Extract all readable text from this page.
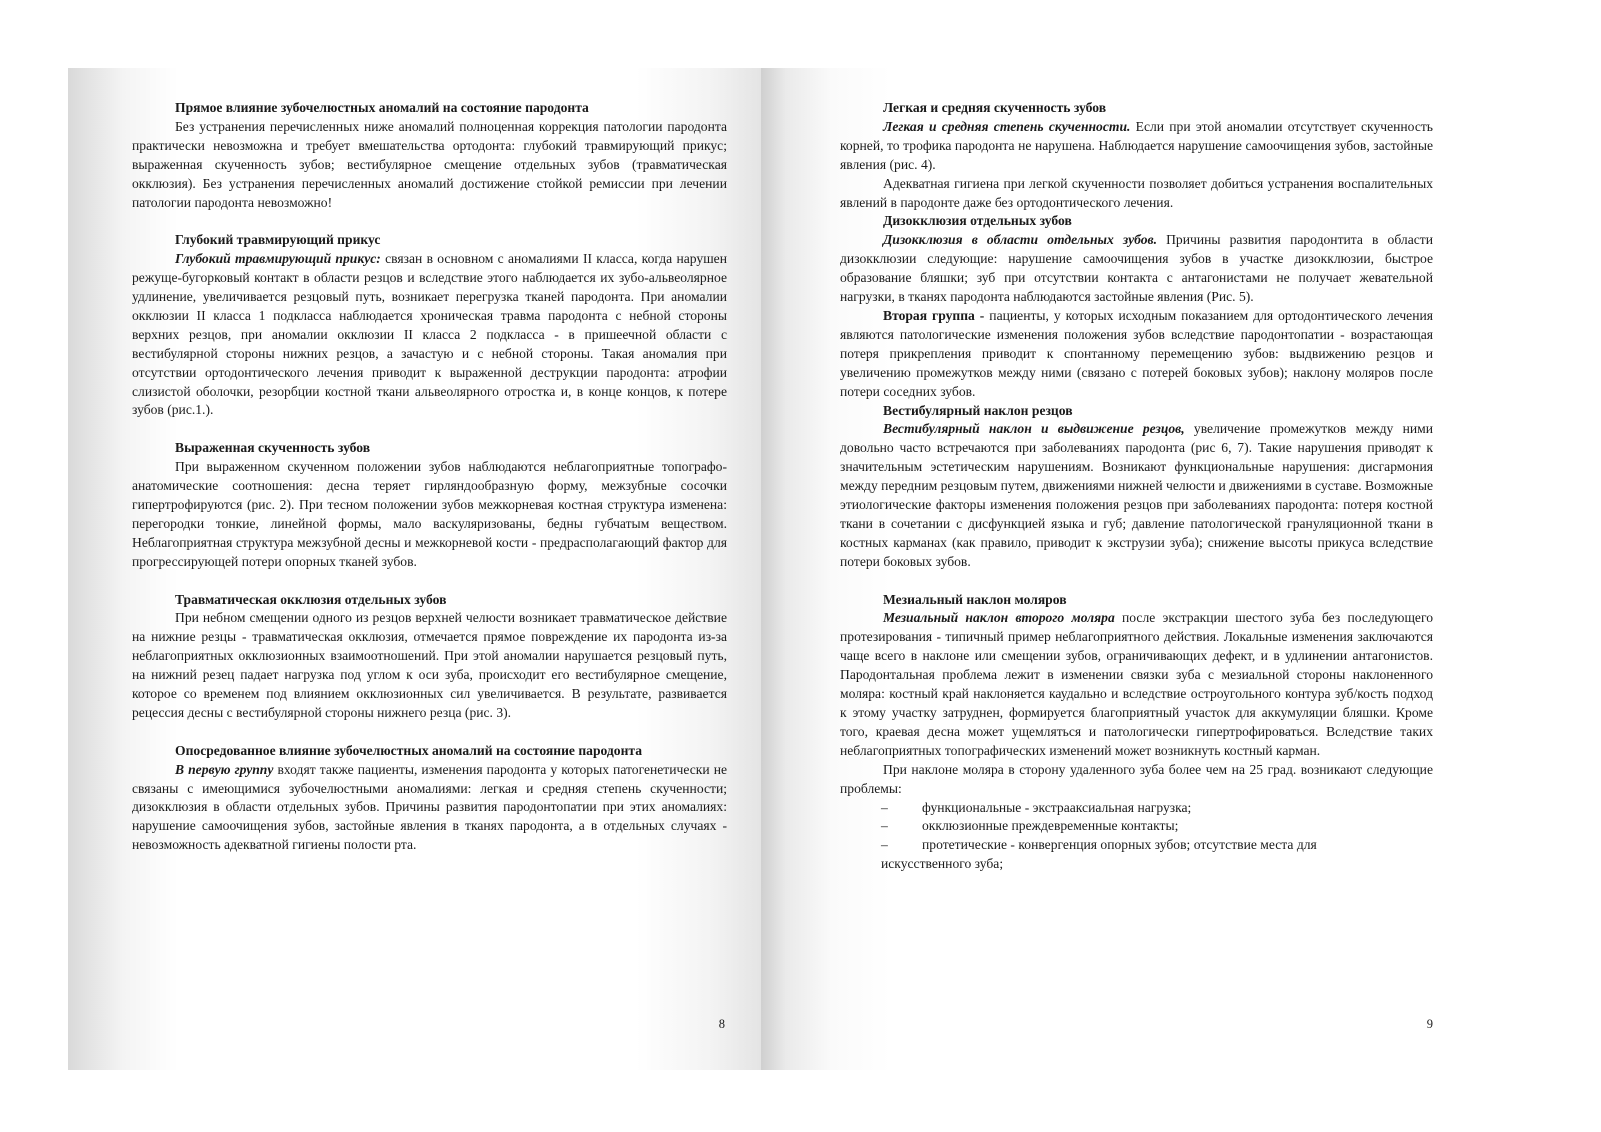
Прямое влияние зубочелюстных аномалий на состояние пародонта

Без устранения перечисленных ниже аномалий полноценная коррекция патологии пародонта практически невозможна и требует вмешательства ортодонта: глубокий травмирующий прикус; выраженная скученность зубов; вестибулярное смещение отдельных зубов (травматическая окклюзия). Без устранения перечисленных аномалий достижение стойкой ремиссии при лечении патологии пародонта невозможно!

Глубокий травмирующий прикус

Глубокий травмирующий прикус: связан в основном с аномалиями II класса, когда нарушен режуще-бугорковый контакт в области резцов и вследствие этого наблюдается их зубо-альвеолярное удлинение, увеличивается резцовый путь, возникает перегрузка тканей пародонта. При аномалии окклюзии II класса 1 подкласса наблюдается хроническая травма пародонта с небной стороны верхних резцов, при аномалии окклюзии II класса 2 подкласса - в пришеечной области с вестибулярной стороны нижних резцов, а зачастую и с небной стороны. Такая аномалия при отсутствии ортодонтического лечения приводит к выраженной деструкции пародонта: атрофии слизистой оболочки, резорбции костной ткани альвеолярного отростка и, в конце концов, к потере зубов (рис.1.).

Выраженная скученность зубов

При выраженном скученном положении зубов наблюдаются неблагоприятные топографо-анатомические соотношения: десна теряет гирляндообразную форму, межзубные сосочки гипертрофируются (рис. 2). При тесном положении зубов межкорневая костная структура изменена: перегородки тонкие, линейной формы, мало васкуляризованы, бедны губчатым веществом. Неблагоприятная структура межзубной десны и межкорневой кости - предрасполагающий фактор для прогрессирующей потери опорных тканей зубов.

Травматическая окклюзия отдельных зубов

При небном смещении одного из резцов верхней челюсти возникает травматическое действие на нижние резцы - травматическая окклюзия, отмечается прямое повреждение их пародонта из-за неблагоприятных окклюзионных взаимоотношений. При этой аномалии нарушается резцовый путь, на нижний резец падает нагрузка под углом к оси зуба, происходит его вестибулярное смещение, которое со временем под влиянием окклюзионных сил увеличивается. В результате, развивается рецессия десны с вестибулярной стороны нижнего резца (рис. 3).

Опосредованное влияние зубочелюстных аномалий на состояние пародонта

В первую группу входят также пациенты, изменения пародонта у которых патогенетически не связаны с имеющимися зубочелюстными аномалиями: легкая и средняя степень скученности; дизокклюзия в области отдельных зубов. Причины развития пародонтопатии при этих аномалиях: нарушение самоочищения зубов, застойные явления в тканях пародонта, а в отдельных случаях - невозможность адекватной гигиены полости рта.

8

Легкая и средняя скученность зубов

Легкая и средняя степень скученности. Если при этой аномалии отсутствует скученность корней, то трофика пародонта не нарушена. Наблюдается нарушение самоочищения зубов, застойные явления (рис. 4).

Адекватная гигиена при легкой скученности позволяет добиться устранения воспалительных явлений в пародонте даже без ортодонтического лечения.

Дизокклюзия отдельных зубов

Дизокклюзия в области отдельных зубов. Причины развития пародонтита в области дизокклюзии следующие: нарушение самоочищения зубов в участке дизокклюзии, быстрое образование бляшки; зуб при отсутствии контакта с антагонистами не получает жевательной нагрузки, в тканях пародонта наблюдаются застойные явления (Рис. 5).

Вторая группа - пациенты, у которых исходным показанием для ортодонтического лечения являются патологические изменения положения зубов вследствие пародонтопатии - возрастающая потеря прикрепления приводит к спонтанному перемещению зубов: выдвижению резцов и увеличению промежутков между ними (связано с потерей боковых зубов); наклону моляров после потери соседних зубов.

Вестибулярный наклон резцов

Вестибулярный наклон и выдвижение резцов, увеличение промежутков между ними довольно часто встречаются при заболеваниях пародонта (рис 6, 7). Такие нарушения приводят к значительным эстетическим нарушениям. Возникают функциональные нарушения: дисгармония между передним резцовым путем, движениями нижней челюсти и движениями в суставе. Возможные этиологические факторы изменения положения резцов при заболеваниях пародонта: потеря костной ткани в сочетании с дисфункцией языка и губ; давление патологической грануляционной ткани в костных карманах (как правило, приводит к экструзии зуба); снижение высоты прикуса вследствие потери боковых зубов.

Мезиальный наклон моляров

Мезиальный наклон второго моляра после экстракции шестого зуба без последующего протезирования - типичный пример неблагоприятного действия. Локальные изменения заключаются чаще всего в наклоне или смещении зубов, ограничивающих дефект, и в удлинении антагонистов. Пародонтальная проблема лежит в изменении связки зуба с мезиальной стороны наклоненного моляра: костный край наклоняется каудально и вследствие остроугольного контура зуб/кость подход к этому участку затруднен, формируется благоприятный участок для аккумуляции бляшки. Кроме того, краевая десна может ущемляться и патологически гипертрофироваться. Вследствие таких неблагоприятных топографических изменений может возникнуть костный карман.

При наклоне моляра в сторону удаленного зуба более чем на 25 град. возникают следующие проблемы:

–	функциональные - экстрааксиальная нагрузка;

–	окклюзионные преждевременные контакты;

–	протетические - конвергенция опорных зубов; отсутствие места для

искусственного зуба;

9
